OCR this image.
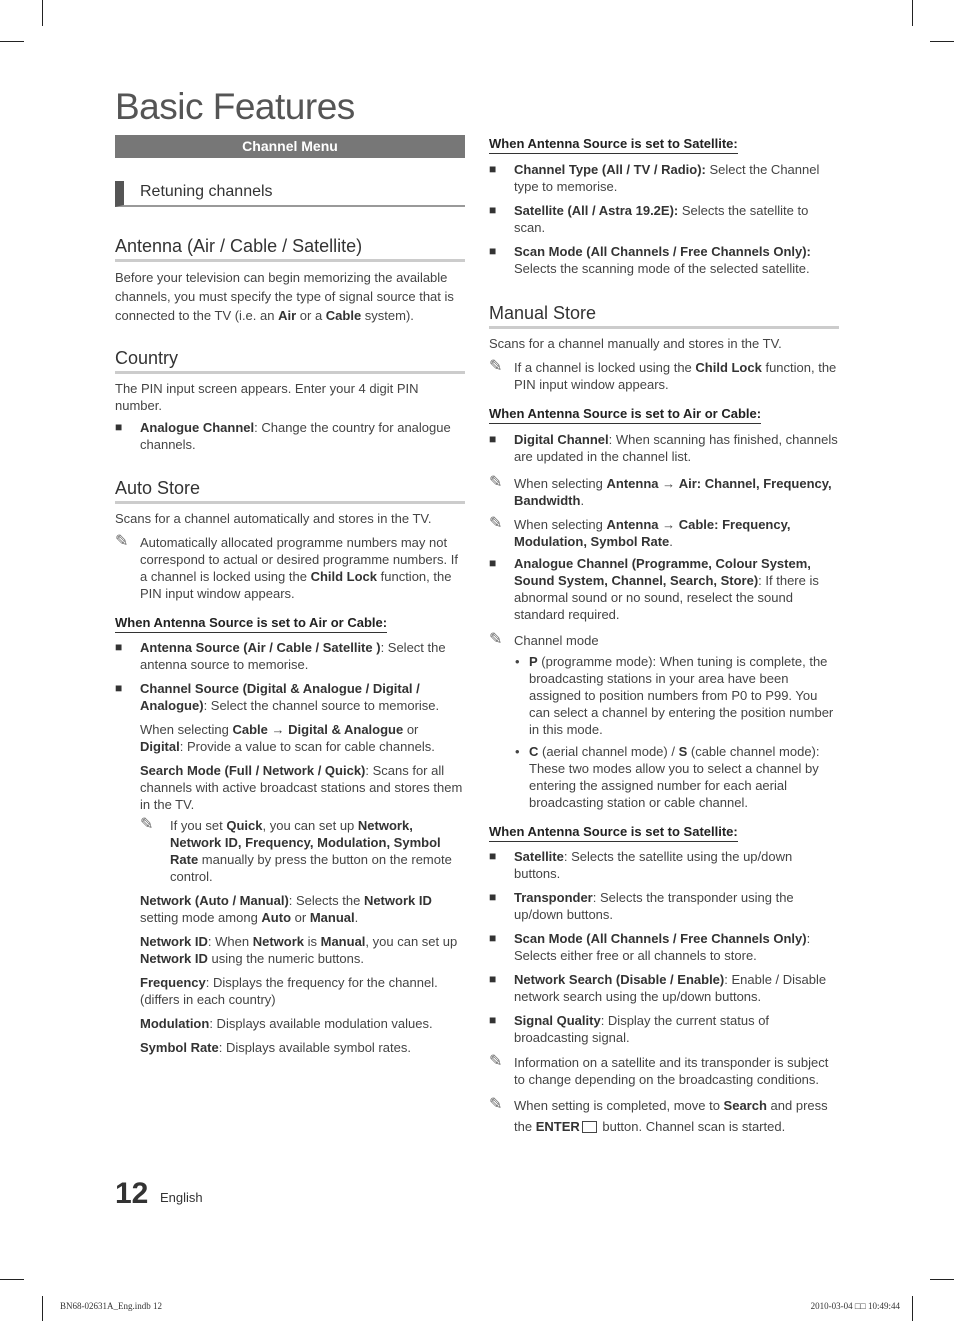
Basic Features
Channel Menu
Retuning channels
Antenna (Air / Cable / Satellite)

Before your television can begin memorizing the available channels, you must specify the type of signal source that is connected to the TV (i.e. an Air or a Cable system).

Country

The PIN input screen appears. Enter your 4 digit PIN number.

■ Analogue Channel: Change the country for analogue channels.
Auto Store

Scans for a channel automatically and stores in the TV.

✎ Automatically allocated programme numbers may not correspond to actual or desired programme numbers. If a channel is locked using the Child Lock function, the PIN input window appears.
When Antenna Source is set to Air or Cable:
■ Antenna Source (Air / Cable / Satellite ): Select the antenna source to memorise.
■ Channel Source (Digital & Analogue / Digital / Analogue): Select the channel source to memorise.
When selecting Cable → Digital & Analogue or Digital: Provide a value to scan for cable channels.
Search Mode (Full / Network / Quick): Scans for all channels with active broadcast stations and stores them in the TV.
✎ If you set Quick, you can set up Network, Network ID, Frequency, Modulation, Symbol Rate manually by press the button on the remote control.
Network (Auto / Manual): Selects the Network ID setting mode among Auto or Manual.
Network ID: When Network is Manual, you can set up Network ID using the numeric buttons.
Frequency: Displays the frequency for the channel. (differs in each country)
Modulation: Displays available modulation values.
Symbol Rate: Displays available symbol rates.
When Antenna Source is set to Satellite:
■ Channel Type (All / TV / Radio): Select the Channel type to memorise.
■ Satellite (All / Astra 19.2E): Selects the satellite to scan.
■ Scan Mode (All Channels / Free Channels Only): Selects the scanning mode of the selected satellite.
Manual Store

Scans for a channel manually and stores in the TV.

✎ If a channel is locked using the Child Lock function, the PIN input window appears.
When Antenna Source is set to Air or Cable:
■ Digital Channel: When scanning has finished, channels are updated in the channel list.
✎ When selecting Antenna → Air: Channel, Frequency, Bandwidth.
✎ When selecting Antenna → Cable: Frequency, Modulation, Symbol Rate.
■ Analogue Channel (Programme, Colour System, Sound System, Channel, Search, Store): If there is abnormal sound or no sound, reselect the sound standard required.
✎ Channel mode
• P (programme mode): When tuning is complete, the broadcasting stations in your area have been assigned to position numbers from P0 to P99. You can select a channel by entering the position number in this mode.
• C (aerial channel mode) / S (cable channel mode): These two modes allow you to select a channel by entering the assigned number for each aerial broadcasting station or cable channel.
When Antenna Source is set to Satellite:
■ Satellite: Selects the satellite using the up/down buttons.
■ Transponder: Selects the transponder using the up/down buttons.
■ Scan Mode (All Channels / Free Channels Only): Selects either free or all channels to store.
■ Network Search (Disable / Enable): Enable / Disable network search using the up/down buttons.
■ Signal Quality: Display the current status of broadcasting signal.
✎ Information on a satellite and its transponder is subject to change depending on the broadcasting conditions.
✎ When setting is completed, move to Search and press the ENTER button. Channel scan is started.
12 English
BN68-02631A_Eng.indb 12	2010-03-04 □□ 10:49:44
